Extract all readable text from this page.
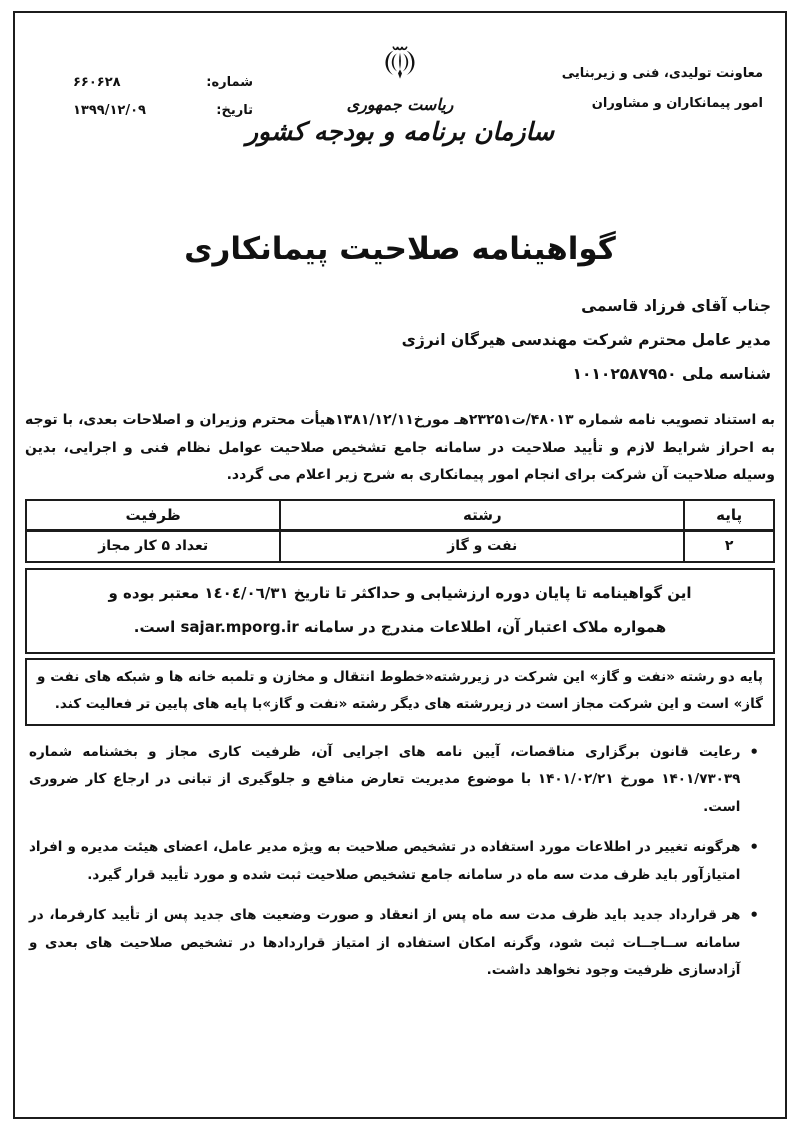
معاونت تولیدی، فنی و زیربنایی
امور پیمانکاران و مشاوران
شماره:
۶۶۰۶۲۸
تاریخ:
۱۳۹۹/۱۲/۰۹	ریاست جمهوری
سازمان برنامه و بودجه کشور
گواهینامه صلاحیت پیمانکاری
جناب آقای فرزاد قاسمی
مدیر عامل محترم شرکت مهندسی هیرگان انرژی
شناسه ملی ۱۰۱۰۲۵۸۷۹۵۰

به استناد تصویب نامه شماره ۴۸۰۱۳/ت۲۳۲۵۱هـ مورخ۱۳۸۱/۱۲/۱۱هیأت محترم وزیران و اصلاحات بعدی، با توجه به احراز شرایط لازم و تأیید صلاحیت در سامانه جامع تشخیص صلاحیت عوامل نظام فنی و اجرایی، بدین وسیله صلاحیت آن شرکت برای انجام امور پیمانکاری به شرح زیر اعلام می گردد.

پایه	رشته	ظرفیت
۲	نفت و گاز	تعداد ۵ کار مجاز
این گواهینامه تا پایان دوره ارزشیابی و حداکثر تا تاریخ ١٤٠٤/٠٦/٣١ معتبر بوده و
همواره ملاک اعتبار آن، اطلاعات مندرج در سامانه sajar.mporg.ir است.
پایه دو رشته «نفت و گاز» این شرکت در زیررشته«خطوط انتقال و مخازن و تلمبه خانه ها و شبکه های نفت و گاز» است و این شرکت مجاز است در زیررشته های دیگر رشته «نفت و گاز»با پایه های پایین تر فعالیت کند.
•
رعایت قانون برگزاری مناقصات، آیین نامه های اجرایی آن، ظرفیت کاری مجاز و بخشنامه شماره ۱۴۰۱/۷۳۰۳۹ مورخ ۱۴۰۱/۰۲/۲۱ با موضوع مدیریت تعارض منافع و جلوگیری از تبانی در ارجاع کار ضروری است.
•
هرگونه تغییر در اطلاعات مورد استفاده در تشخیص صلاحیت به ویژه مدیر عامل، اعضای هیئت مدیره و افراد امتیازآور باید ظرف مدت سه ماه در سامانه جامع تشخیص صلاحیت ثبت شده و مورد تأیید قرار گیرد.
•
هر قرارداد جدید باید ظرف مدت سه ماه پس از انعقاد و صورت وضعیت های جدید پس از تأیید کارفرما، در سامانه ســاجــات ثبت شود، وگرنه امکان استفاده از امتیاز قراردادها در تشخیص صلاحیت های بعدی و آزادسازی ظرفیت وجود نخواهد داشت.
